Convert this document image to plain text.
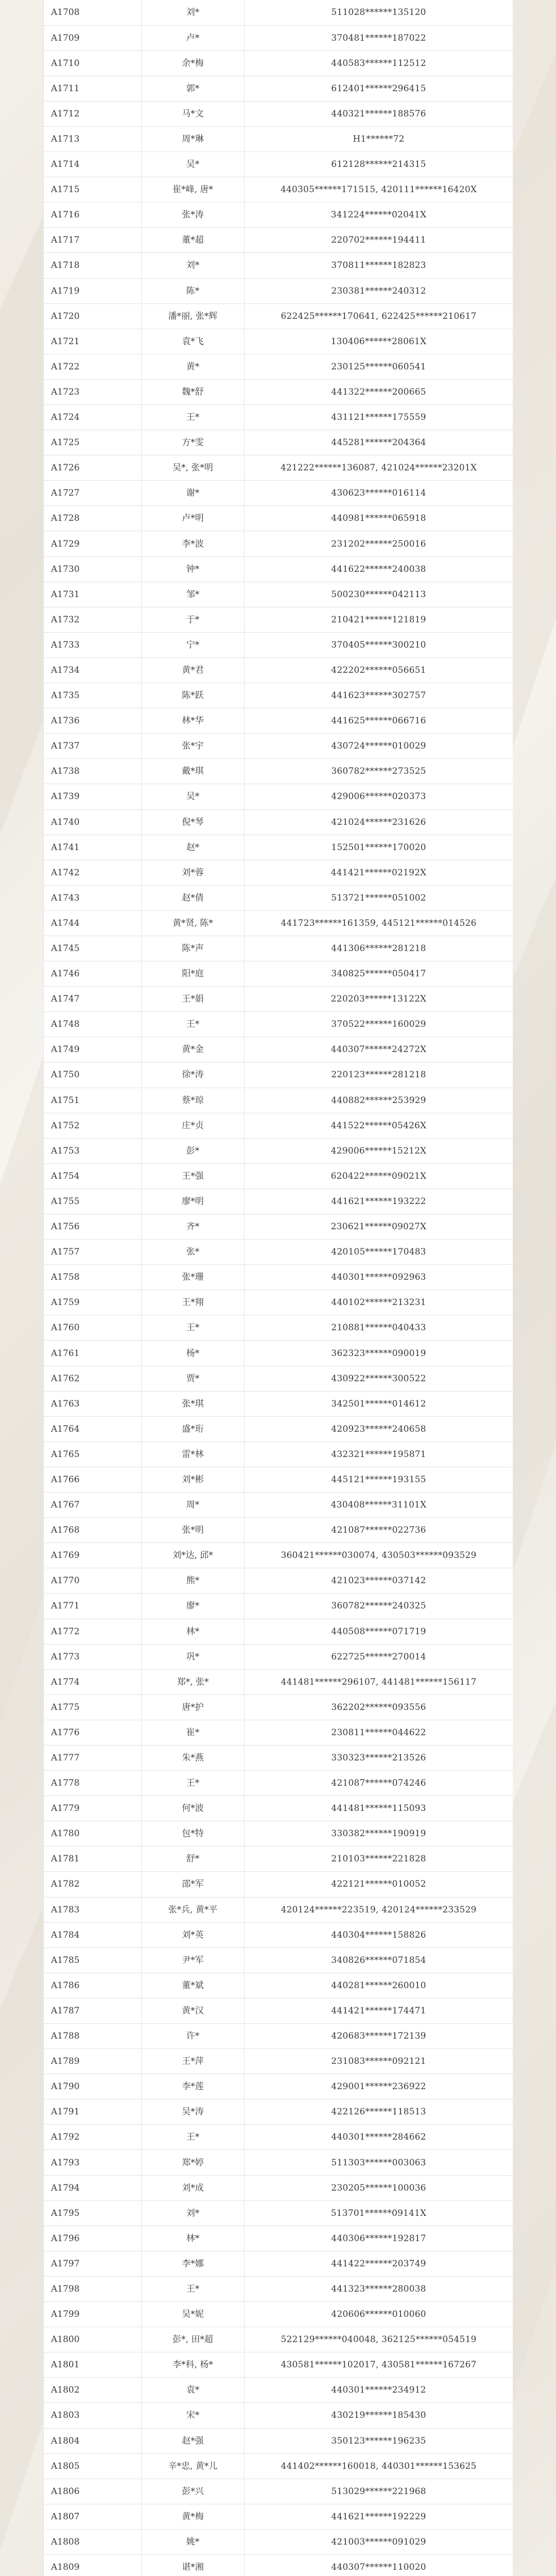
A1708	刘*	511028******135120
A1709	卢*	370481******187022
A1710	余*梅	440583******112512
A1711	郭*	612401******296415
A1712	马*文	440321******188576
A1713	周*琳	H1******72
A1714	吴*	612128******214315
A1715	崔*峰, 唐*	440305******171515, 420111******16420X
A1716	张*涛	341224******02041X
A1717	董*超	220702******194411
A1718	刘*	370811******182823
A1719	陈*	230381******240312
A1720	潘*丽, 张*辉	622425******170641, 622425******210617
A1721	袁*飞	130406******28061X
A1722	黄*	230125******060541
A1723	魏*舒	441322******200665
A1724	王*	431121******175559
A1725	方*雯	445281******204364
A1726	吴*, 张*明	421222******136087, 421024******23201X
A1727	谢*	430623******016114
A1728	卢*明	440981******065918
A1729	李*波	231202******250016
A1730	钟*	441622******240038
A1731	邹*	500230******042113
A1732	于*	210421******121819
A1733	宁*	370405******300210
A1734	黄*君	422202******056651
A1735	陈*跃	441623******302757
A1736	林*华	441625******066716
A1737	张*宇	430724******010029
A1738	戴*琪	360782******273525
A1739	吴*	429006******020373
A1740	倪*琴	421024******231626
A1741	赵*	152501******170020
A1742	刘*蓉	441421******02192X
A1743	赵*倩	513721******051002
A1744	黄*贤, 陈*	441723******161359, 445121******014526
A1745	陈*声	441306******281218
A1746	阳*庭	340825******050417
A1747	王*娟	220203******13122X
A1748	王*	370522******160029
A1749	黄*金	440307******24272X
A1750	徐*涛	220123******281218
A1751	蔡*琼	440882******253929
A1752	庄*贞	441522******05426X
A1753	彭*	429006******15212X
A1754	王*强	620422******09021X
A1755	廖*明	441621******193222
A1756	齐*	230621******09027X
A1757	张*	420105******170483
A1758	张*珊	440301******092963
A1759	王*翔	440102******213231
A1760	王*	210881******040433
A1761	杨*	362323******090019
A1762	贾*	430922******300522
A1763	张*琪	342501******014612
A1764	盛*珩	420923******240658
A1765	雷*林	432321******195871
A1766	刘*彬	445121******193155
A1767	周*	430408******31101X
A1768	张*明	421087******022736
A1769	刘*达, 邱*	360421******030074, 430503******093529
A1770	熊*	421023******037142
A1771	廖*	360782******240325
A1772	林*	440508******071719
A1773	巩*	622725******270014
A1774	郑*, 张*	441481******296107, 441481******156117
A1775	唐*护	362202******093556
A1776	崔*	230811******044622
A1777	朱*燕	330323******213526
A1778	王*	421087******074246
A1779	何*波	441481******115093
A1780	包*特	330382******190919
A1781	舒*	210103******221828
A1782	邵*军	422121******010052
A1783	张*兵, 黄*平	420124******223519, 420124******233529
A1784	刘*英	440304******158826
A1785	尹*军	340826******071854
A1786	董*斌	440281******260010
A1787	黄*汉	441421******174471
A1788	许*	420683******172139
A1789	王*萍	231083******092121
A1790	李*莲	429001******236922
A1791	吴*涛	422126******118513
A1792	王*	440301******284662
A1793	郑*婷	511303******003063
A1794	刘*成	230205******100036
A1795	刘*	513701******09141X
A1796	林*	440306******192817
A1797	李*娜	441422******203749
A1798	王*	441323******280038
A1799	吴*妮	420606******010060
A1800	彭*, 田*超	522129******040048, 362125******054519
A1801	李*科, 杨*	430581******102017, 430581******167267
A1802	袁*	440301******234912
A1803	宋*	430219******185430
A1804	赵*强	350123******196235
A1805	辛*忠, 黄*儿	441402******160018, 440301******153625
A1806	彭*兴	513029******221968
A1807	黄*梅	441621******192229
A1808	姚*	421003******091029
A1809	谌*湘	440307******110020
